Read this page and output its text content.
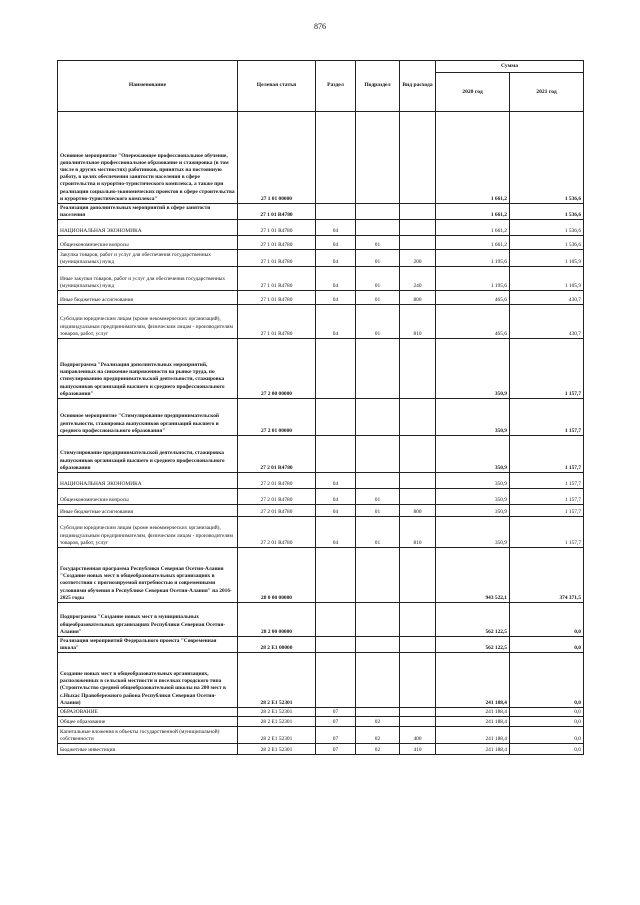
876
Наименование	Целевая статья	Раздел	Подраздел	Вид расхода	Сумма	
					2020 год	2021 год
Основное мероприятие "Опережающее профессиональное обучение, дополнительное профессиональное образование и стажировка (в том числе в других местностях) работников, принятых на постоянную работу, в целях обеспечения занятости населения в сфере строительства и курортно-туристического комплекса, а также при реализации социально-экономических проектов в сфере строительства и курортно-туристического комплекса"	27 1 01 00000				1 661,2	1 536,6
Реализация дополнительных мероприятий в сфере занятости населения	27 1 01 R4780				1 661,2	1 536,6
НАЦИОНАЛЬНАЯ ЭКОНОМИКА	27 1 01 R4780	04			1 661,2	1 536,6
Общеэкономические вопросы	27 1 01 R4780	04	01		1 661,2	1 536,6
Закупка товаров, работ и услуг для обеспечения государственных (муниципальных) нужд	27 1 01 R4780	04	01	200	1 195,6	1 105,9
Иные закупки товаров, работ и услуг для обеспечения государственных (муниципальных) нужд	27 1 01 R4780	04	01	240	1 195,6	1 105,9
Иные бюджетные ассигнования	27 1 01 R4780	04	01	800	465,6	430,7
Субсидии юридическим лицам (кроме некоммерческих организаций), индивидуальным предпринимателям, физическим лицам - производителям товаров, работ, услуг	27 1 01 R4780	04	01	810	465,6	430,7
Подпрограмма "Реализация дополнительных мероприятий, направленных на снижение напряженности на рынке труда, по стимулированию предпринимательской деятельности, стажировка выпускников организаций высшего и среднего профессионального образования"	27 2 00 00000				350,9	1 157,7
Основное мероприятие "Стимулирование предпринимательской деятельности, стажировка выпускников организаций высшего и среднего профессионального образования"	27 2 01 00000				350,9	1 157,7
Стимулирование предпринимательской деятельности, стажировка выпускников организаций высшего и среднего профессионального образования	27 2 01 R4780				350,9	1 157,7
НАЦИОНАЛЬНАЯ ЭКОНОМИКА	27 2 01 R4780	04			350,9	1 157,7
Общеэкономические вопросы	27 2 01 R4780	04	01		350,9	1 157,7
Иные бюджетные ассигнования	27 2 01 R4780	04	01	800	350,9	1 157,7
Субсидии юридическим лицам (кроме некоммерческих организаций), индивидуальным предпринимателям, физическим лицам - производителям товаров, работ, услуг	27 2 01 R4780	04	01	810	350,9	1 157,7
Государственная программа Республики Северная Осетия-Алания "Создание новых мест в общеобразовательных организациях в соответствии с прогнозируемой потребностью и современными условиями обучения в Республике Северная Осетия-Алания" на 2016-2025 годы	28 0 00 00000				943 522,1	374 371,5
Подпрограмма "Создание новых мест в муниципальных общеобразовательных организациях Республики Северная Осетия-Алания"	28 2 00 00000				562 122,5	0,0
Реализация мероприятий Федерального проекта "Современная школа"	28 2 E1 00000				562 122,5	0,0
Создание новых мест в общеобразовательных организациях, расположенных в сельской местности и поселках городского типа (Строительство средней общеобразовательной школы на 200 мест в с.Ныхас Правобережного района Республики Северная Осетия-Алания)	28 2 E1 52301				241 188,4	0,0
ОБРАЗОВАНИЕ	28 2 E1 52301	07			241 188,4	0,0
Общее образование	28 2 E1 52301	07	02		241 188,4	0,0
Капитальные вложения в объекты государственной (муниципальной) собственности	28 2 E1 52301	07	02	400	241 188,4	0,0
Бюджетные инвестиции	28 2 E1 52301	07	02	410	241 188,4	0,0
